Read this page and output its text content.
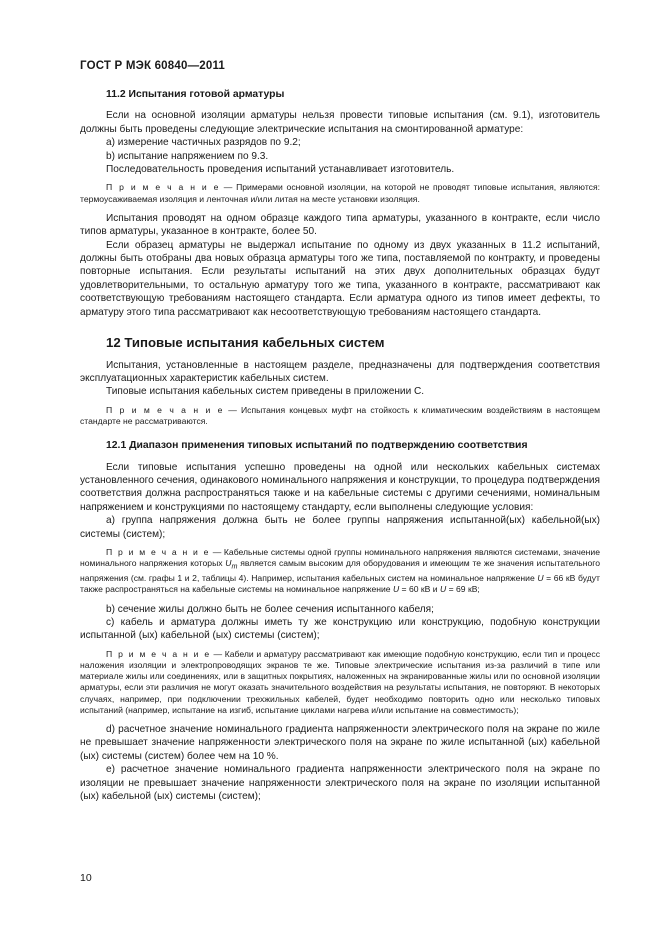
ГОСТ Р МЭК 60840—2011
11.2 Испытания готовой арматуры

Если на основной изоляции арматуры нельзя провести типовые испытания (см. 9.1), изготовитель должны быть проведены следующие электрические испытания на смонтированной арматуре:

a) измерение частичных разрядов по 9.2;

b) испытание напряжением по 9.3.

Последовательность проведения испытаний устанавливает изготовитель.

П р и м е ч а н и е — Примерами основной изоляции, на которой не проводят типовые испытания, являются: термоусаживаемая изоляция и ленточная и/или литая на месте установки изоляция.

Испытания проводят на одном образце каждого типа арматуры, указанного в контракте, если число типов арматуры, указанное в контракте, более 50.

Если образец арматуры не выдержал испытание по одному из двух указанных в 11.2 испытаний, должны быть отобраны два новых образца арматуры того же типа, поставляемой по контракту, и проведены повторные испытания. Если результаты испытаний на этих двух дополнительных образцах будут удовлетворительными, то остальную арматуру того же типа, указанного в контракте, рассматривают как соответствующую требованиям настоящего стандарта. Если арматура одного из типов имеет дефекты, то арматуру этого типа рассматривают как несоответствующую требованиям настоящего стандарта.

12 Типовые испытания кабельных систем

Испытания, установленные в настоящем разделе, предназначены для подтверждения соответствия эксплуатационных характеристик кабельных систем.

Типовые испытания кабельных систем приведены в приложении С.

П р и м е ч а н и е — Испытания концевых муфт на стойкость к климатическим воздействиям в настоящем стандарте не рассматриваются.
12.1 Диапазон применения типовых испытаний по подтверждению соответствия

Если типовые испытания успешно проведены на одной или нескольких кабельных системах установленного сечения, одинакового номинального напряжения и конструкции, то процедура подтверждения соответствия должна распространяться также и на кабельные системы с другими сечениями, номинальным напряжением и конструкциями по настоящему стандарту, если выполнены следующие условия:

a) группа напряжения должна быть не более группы напряжения испытанной(ых) кабельной(ых) системы (систем);

П р и м е ч а н и е — Кабельные системы одной группы номинального напряжения являются системами, значение номинального напряжения которых $U_m$ является самым высоким для оборудования и имеющим те же значения испытательного напряжения (см. графы 1 и 2, таблицы 4). Например, испытания кабельных систем на номинальное напряжение U = 66 кВ будут также распространяться на кабельные системы на номинальное напряжение U = 60 кВ и U = 69 кВ;

b) сечение жилы должно быть не более сечения испытанного кабеля;

c) кабель и арматура должны иметь ту же конструкцию или конструкцию, подобную конструкции испытанной (ых) кабельной (ых) системы (систем);

П р и м е ч а н и е — Кабели и арматуру рассматривают как имеющие подобную конструкцию, если тип и процесс наложения изоляции и электропроводящих экранов те же. Типовые электрические испытания из-за различий в типе или материале жилы или соединениях, или в защитных покрытиях, наложенных на экранированные жилы или по основной изоляции арматуры, если эти различия не могут оказать значительного воздействия на результаты испытания, не повторяют. В некоторых случаях, например, при подключении трехжильных кабелей, будет необходимо повторить одно или несколько типовых испытаний (например, испытание на изгиб, испытание циклами нагрева и/или испытание на совместимость);

d) расчетное значение номинального градиента напряженности электрического поля на экране по жиле не превышает значение напряженности электрического поля на экране по жиле испытанной (ых) кабельной (ых) системы (систем) более чем на 10 %.

e) расчетное значение номинального градиента напряженности электрического поля на экране по изоляции не превышает значение напряженности электрического поля на экране по изоляции испытанной (ых) кабельной (ых) системы (систем);

10
